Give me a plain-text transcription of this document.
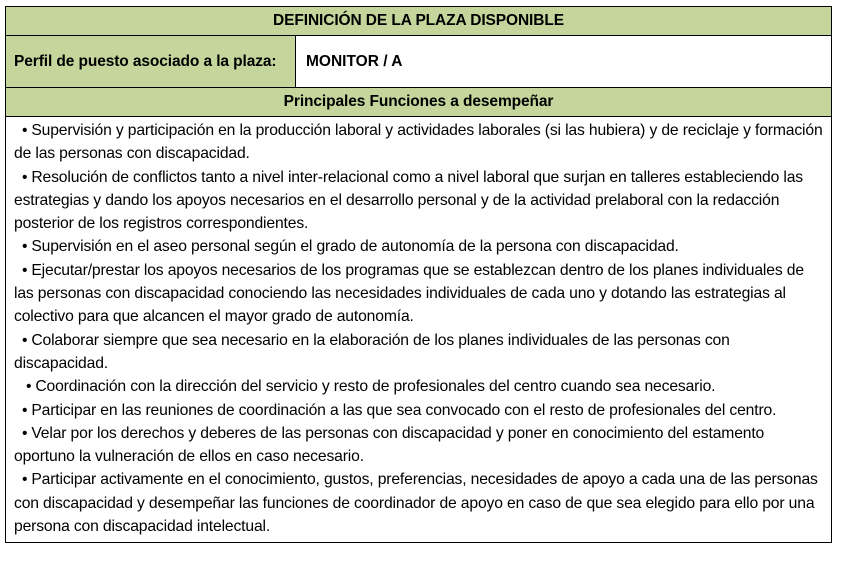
DEFINICIÓN DE LA PLAZA DISPONIBLE
Perfil de puesto asociado a la plaza:	MONITOR / A
Principales Funciones a desempeñar

• Supervisión y participación en la producción laboral y actividades laborales (si las hubiera) y de reciclaje y formación de las personas con discapacidad.
• Resolución de conflictos tanto a nivel inter-relacional como a nivel laboral que surjan en talleres estableciendo las estrategias y dando los apoyos necesarios en el desarrollo personal y de la actividad prelaboral con la redacción posterior de los registros correspondientes.
• Supervisión en el aseo personal según el grado de autonomía de la persona con discapacidad.
• Ejecutar/prestar los apoyos necesarios de los programas que se establezcan dentro de los planes individuales de las personas con discapacidad conociendo las necesidades individuales de cada uno y dotando las estrategias al colectivo para que alcancen el mayor grado de autonomía.
• Colaborar siempre que sea necesario en la elaboración de los planes individuales de las personas con discapacidad.
• Coordinación con la dirección del servicio y resto de profesionales del centro cuando sea necesario.
• Participar en las reuniones de coordinación a las que sea convocado con el resto de profesionales del centro.
• Velar por los derechos y deberes de las personas con discapacidad y poner en conocimiento del estamento oportuno la vulneración de ellos en caso necesario.
• Participar activamente en el conocimiento, gustos, preferencias, necesidades de apoyo a cada una de las personas con discapacidad y desempeñar las funciones de coordinador de apoyo en caso de que sea elegido para ello por una persona con discapacidad intelectual.
